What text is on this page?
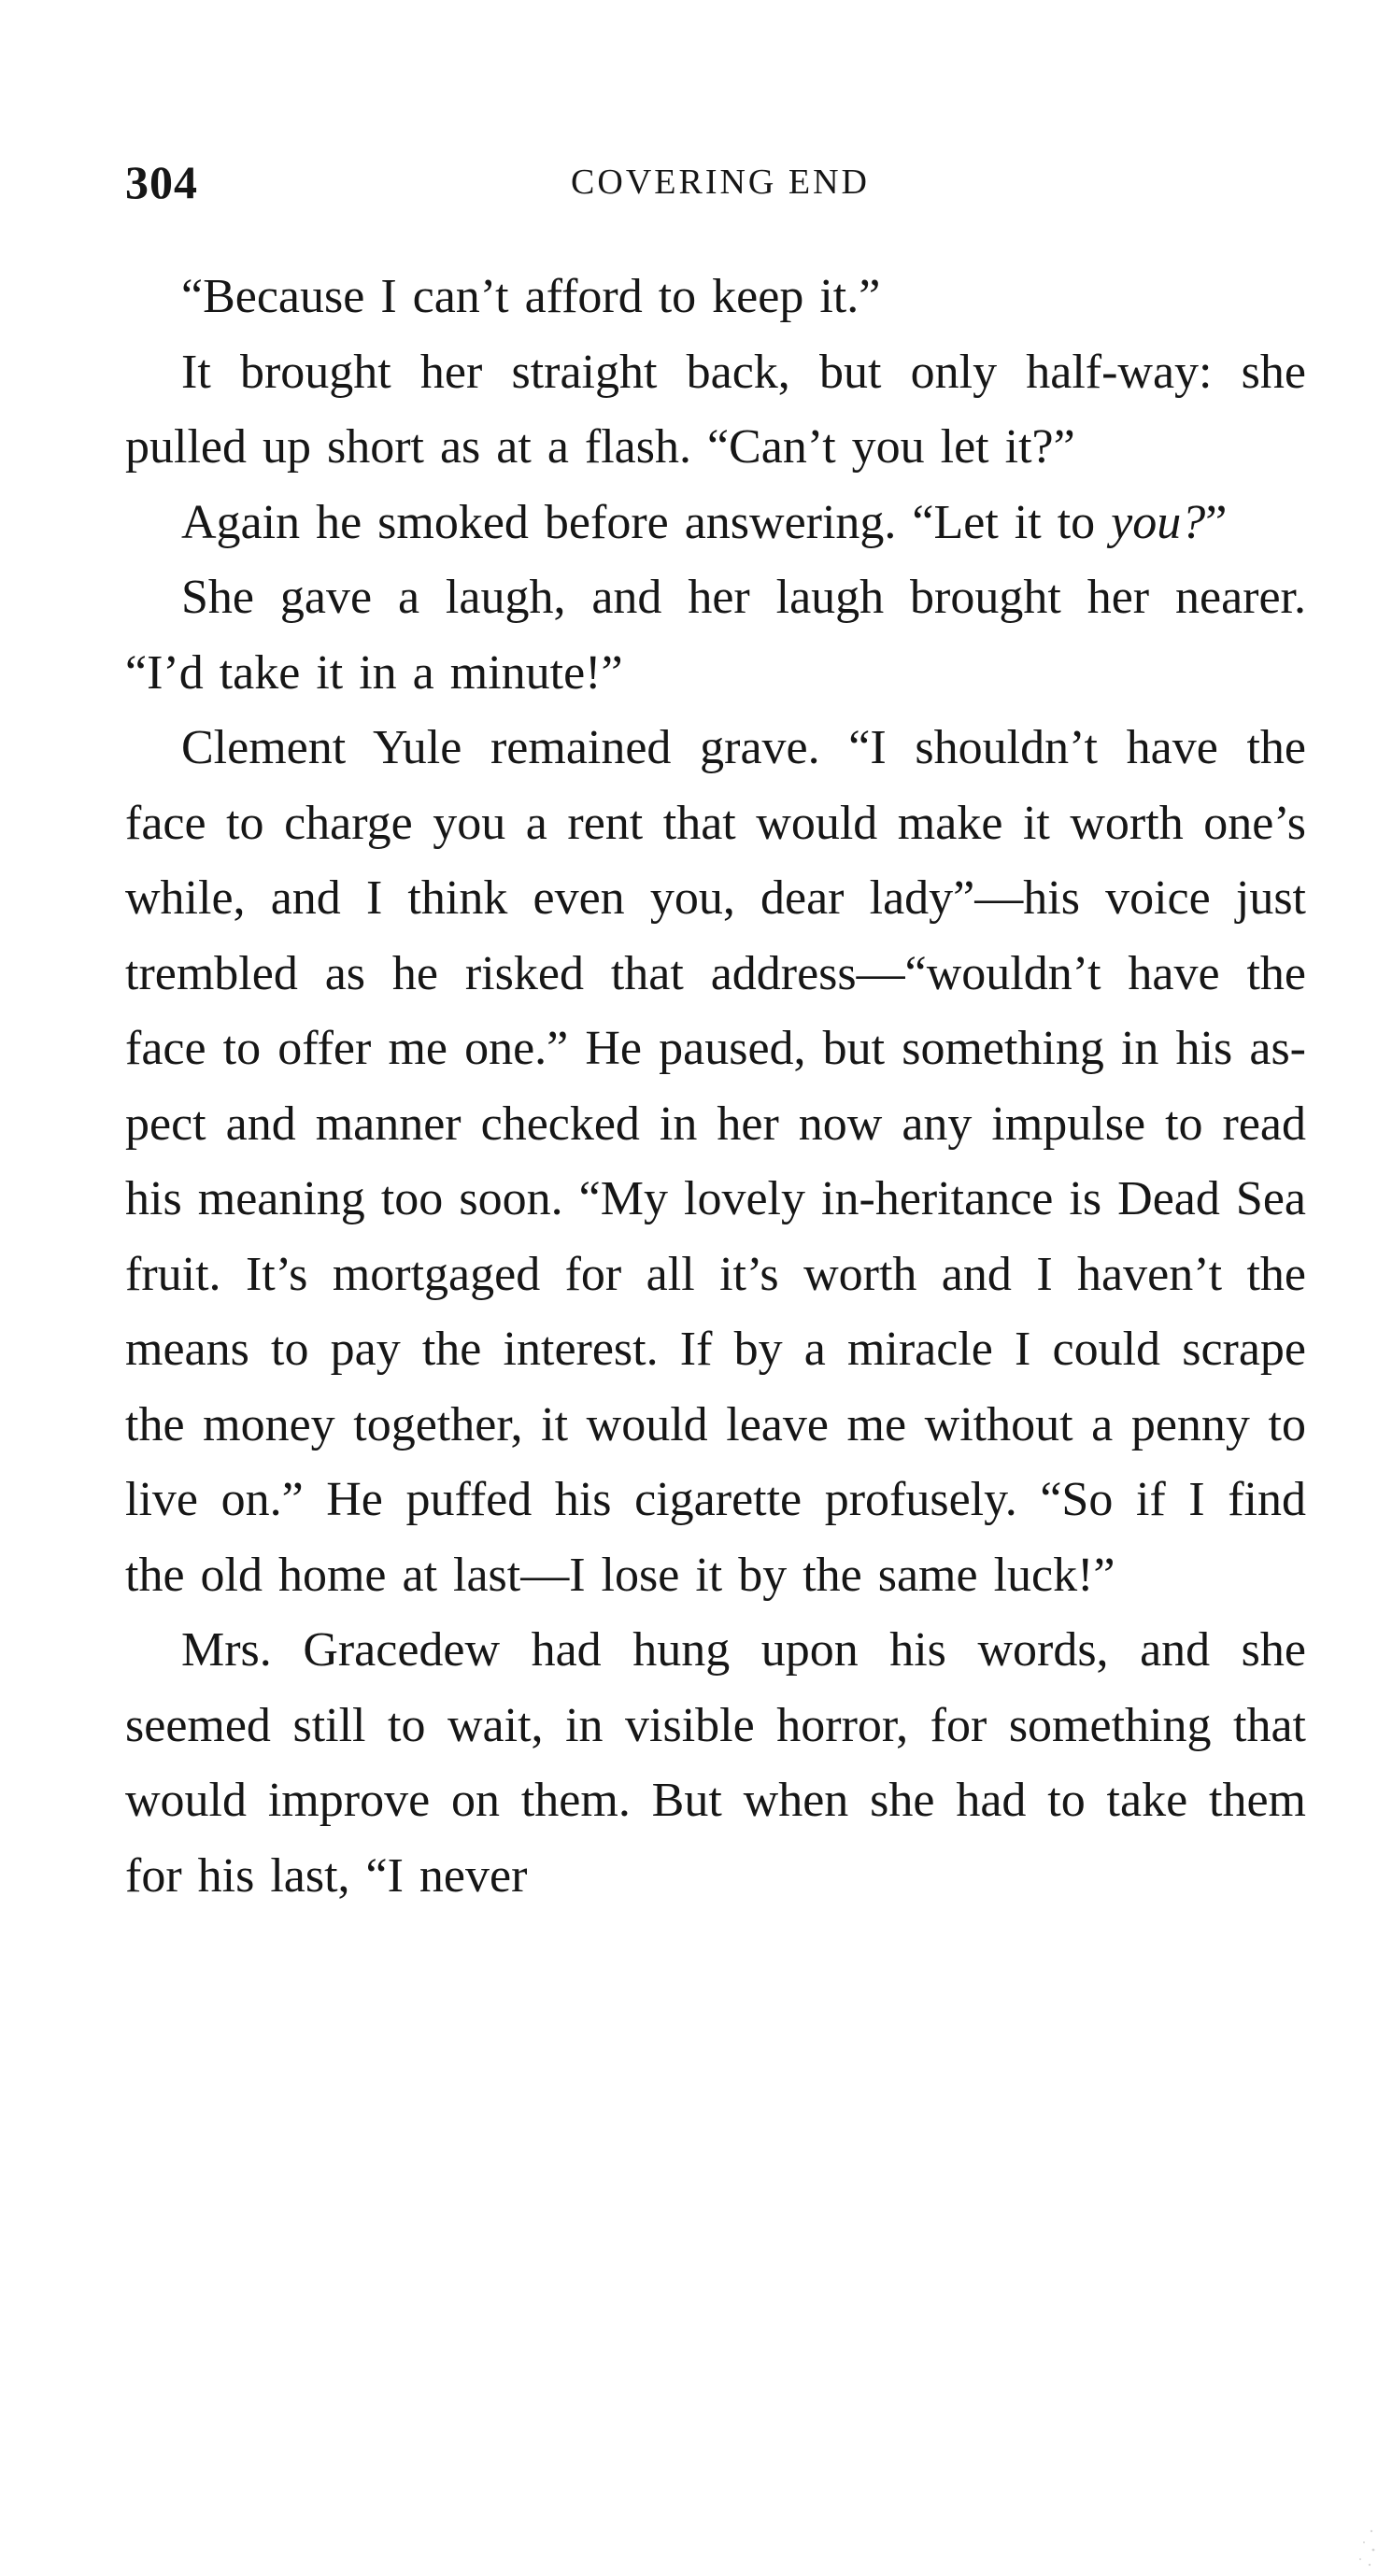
304	COVERING END

“Because I can’t afford to keep it.”

It brought her straight back, but only half-way: she pulled up short as at a flash. “Can’t you let it?”

Again he smoked before answering. “Let it to you?”

She gave a laugh, and her laugh brought her nearer. “I’d take it in a minute!”

Clement Yule remained grave. “I shouldn’t have the face to charge you a rent that would make it worth one’s while, and I think even you, dear lady”—his voice just trembled as he risked that address—“wouldn’t have the face to offer me one.” He paused, but something in his as-pect and manner checked in her now any impulse to read his meaning too soon. “My lovely in-heritance is Dead Sea fruit. It’s mortgaged for all it’s worth and I haven’t the means to pay the interest. If by a miracle I could scrape the money together, it would leave me without a penny to live on.” He puffed his cigarette profusely. “So if I find the old home at last—I lose it by the same luck!”

Mrs. Gracedew had hung upon his words, and she seemed still to wait, in visible horror, for something that would improve on them. But when she had to take them for his last, “I never
